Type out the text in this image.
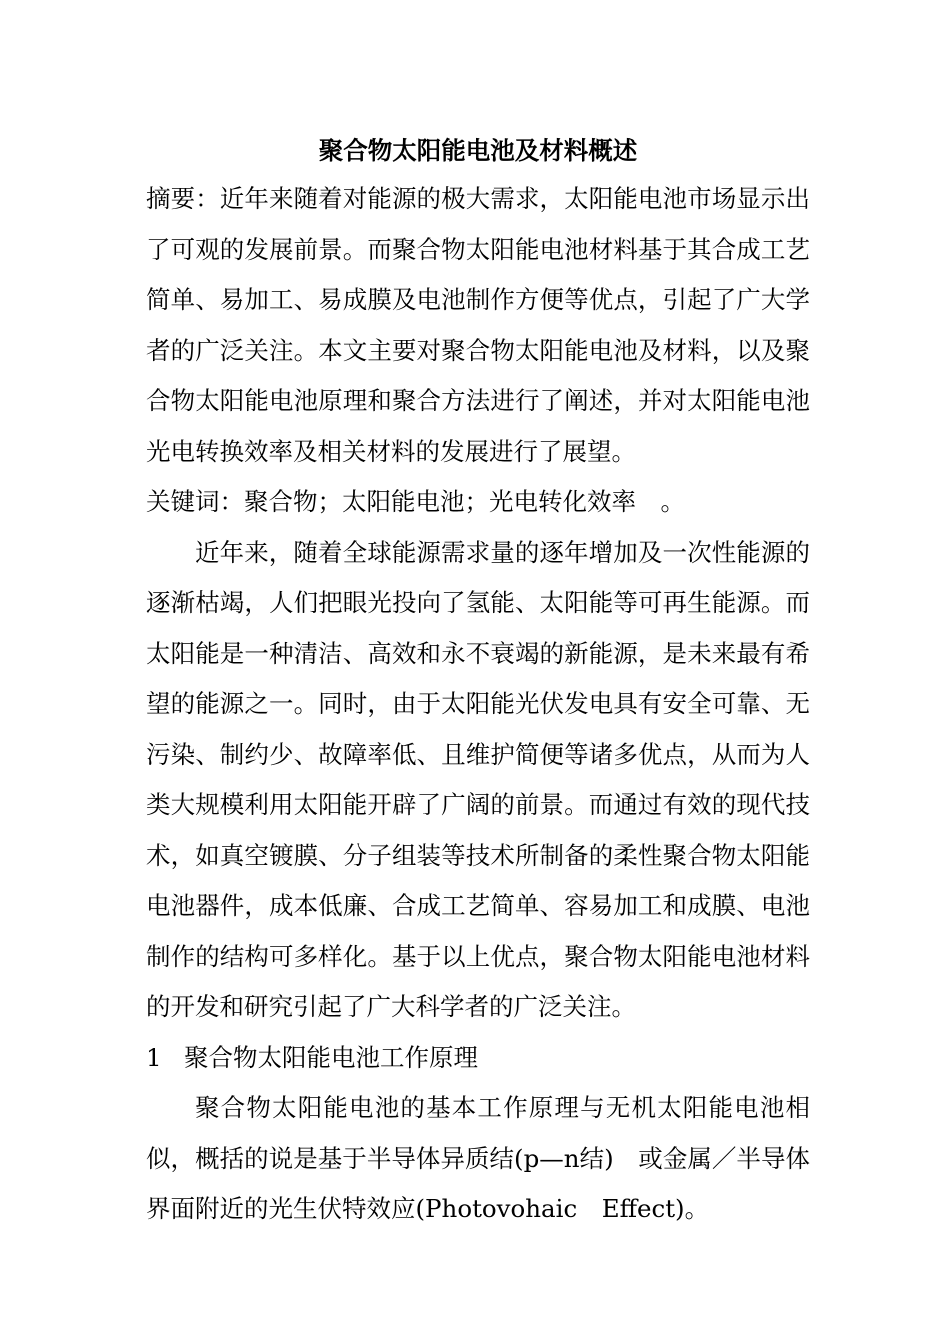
聚合物太阳能电池及材料概述

摘要：近年来随着对能源的极大需求，太阳能电池市场显示出了可观的发展前景。而聚合物太阳能电池材料基于其合成工艺简单、易加工、易成膜及电池制作方便等优点，引起了广大学者的广泛关注。本文主要对聚合物太阳能电池及材料，以及聚合物太阳能电池原理和聚合方法进行了阐述，并对太阳能电池光电转换效率及相关材料的发展进行了展望。

关键词：聚合物；太阳能电池；光电转化效率　。

近年来，随着全球能源需求量的逐年增加及一次性能源的逐渐枯竭，人们把眼光投向了氢能、太阳能等可再生能源。而太阳能是一种清洁、高效和永不衰竭的新能源，是未来最有希望的能源之一。同时，由于太阳能光伏发电具有安全可靠、无污染、制约少、故障率低、且维护简便等诸多优点，从而为人类大规模利用太阳能开辟了广阔的前景。而通过有效的现代技术，如真空镀膜、分子组装等技术所制备的柔性聚合物太阳能电池器件，成本低廉、合成工艺简单、容易加工和成膜、电池制作的结构可多样化。基于以上优点，聚合物太阳能电池材料的开发和研究引起了广大科学者的广泛关注。

1 聚合物太阳能电池工作原理

聚合物太阳能电池的基本工作原理与无机太阳能电池相似，概括的说是基于半导体异质结(p—n结)　或金属／半导体界面附近的光生伏特效应(Photovohaic　Effect)。
